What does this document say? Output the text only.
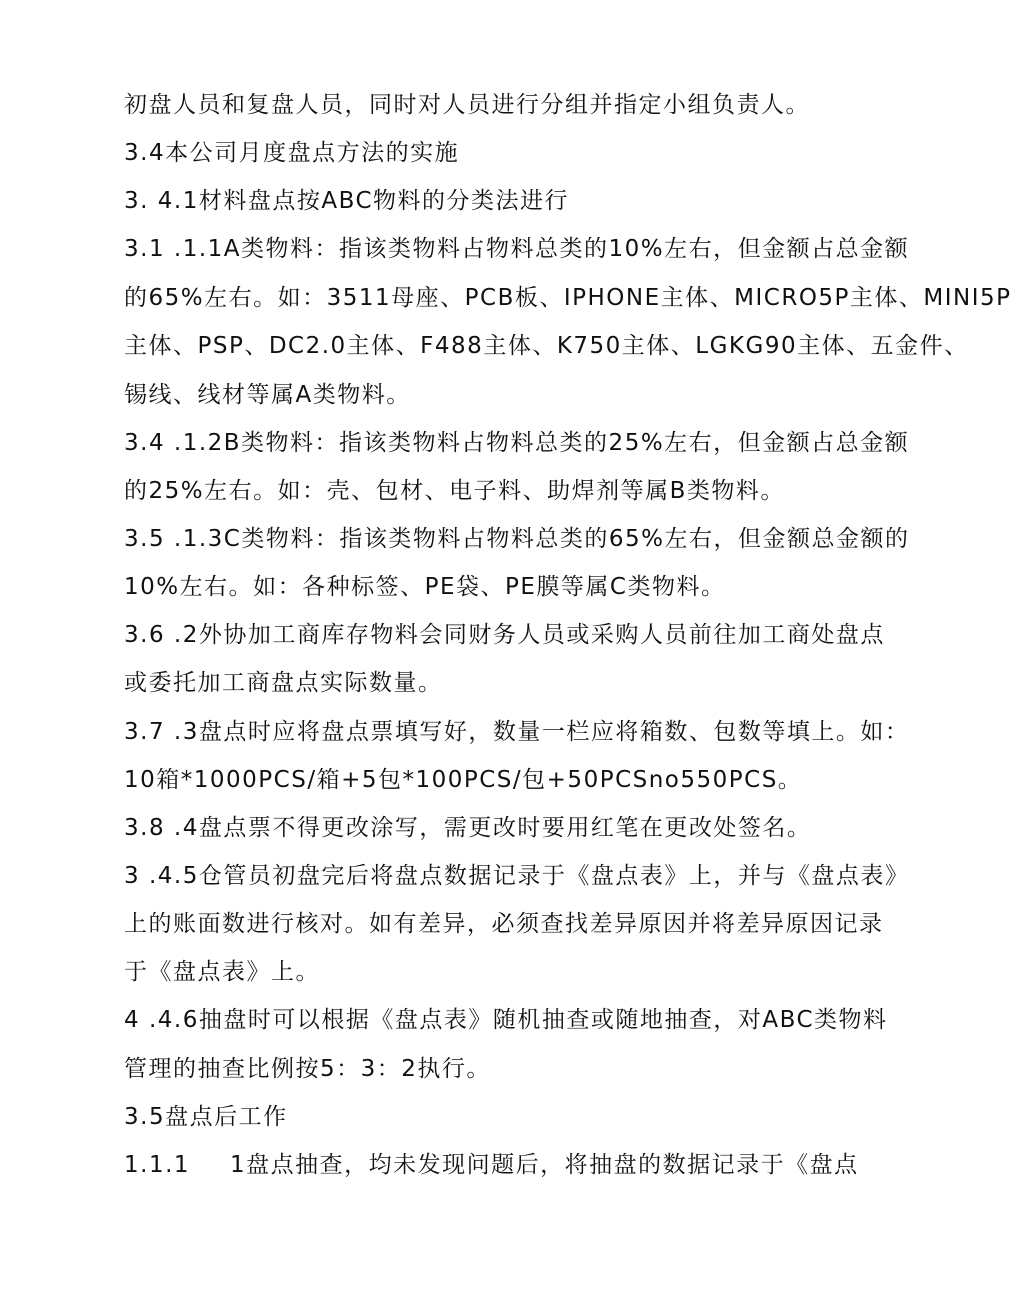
初盘人员和复盘人员，同时对人员进行分组并指定小组负责人。
3.4本公司月度盘点方法的实施
3. 4.1材料盘点按ABC物料的分类法进行
3.1 .1.1A类物料：指该类物料占物料总类的10%左右，但金额占总金额
的65%左右。如：3511母座、PCB板、IPHONE主体、MICRO5P主体、MINI5P
主体、PSP、DC2.0主体、F488主体、K750主体、LGKG90主体、五金件、
锡线、线材等属A类物料。
3.4 .1.2B类物料：指该类物料占物料总类的25%左右，但金额占总金额
的25%左右。如：壳、包材、电子料、助焊剂等属B类物料。
3.5 .1.3C类物料：指该类物料占物料总类的65%左右，但金额总金额的
10%左右。如：各种标签、PE袋、PE膜等属C类物料。
3.6 .2外协加工商库存物料会同财务人员或采购人员前往加工商处盘点
或委托加工商盘点实际数量。
3.7 .3盘点时应将盘点票填写好，数量一栏应将箱数、包数等填上。如：
10箱*1000PCS/箱+5包*100PCS/包+50PCSno550PCS。
3.8 .4盘点票不得更改涂写，需更改时要用红笔在更改处签名。
3 .4.5仓管员初盘完后将盘点数据记录于《盘点表》上，并与《盘点表》
上的账面数进行核对。如有差异，必须查找差异原因并将差异原因记录
于《盘点表》上。
4 .4.6抽盘时可以根据《盘点表》随机抽查或随地抽查，对ABC类物料
管理的抽查比例按5：3：2执行。
3.5盘点后工作
1.1.1 1盘点抽查，均未发现问题后，将抽盘的数据记录于《盘点
